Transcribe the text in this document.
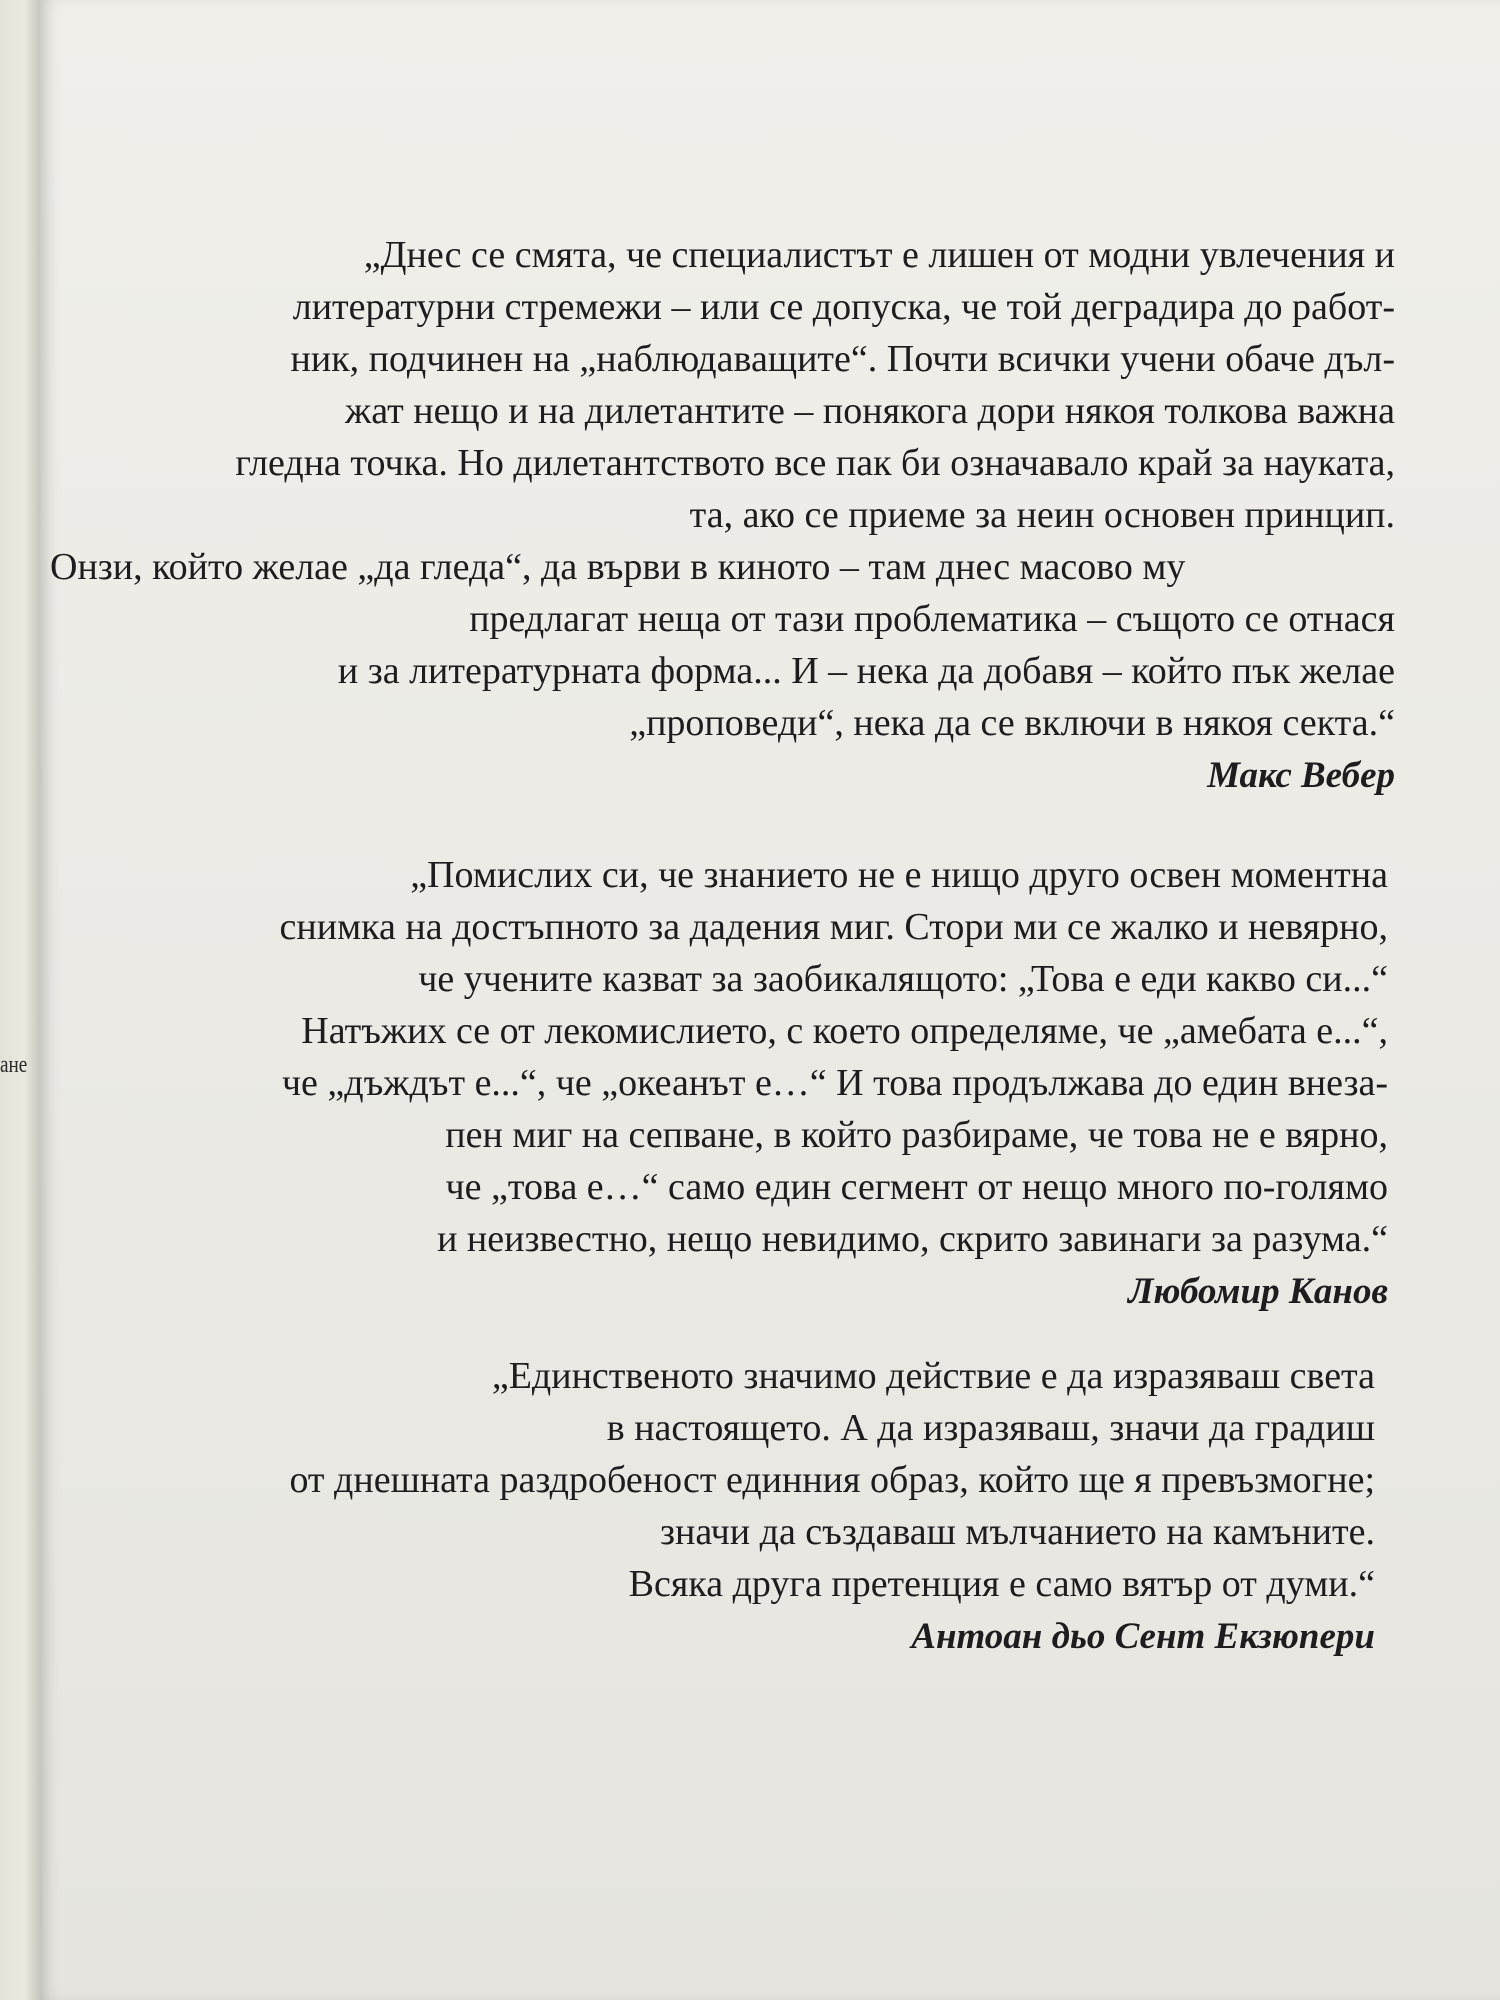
ане
„Днес се смята, че специалистът е лишен от модни увлечения и
литературни стремежи – или се допуска, че той деградира до работ-
ник, подчинен на „наблюдаващите“. Почти всички учени обаче дъл-
жат нещо и на дилетантите – понякога дори някоя толкова важна
гледна точка. Но дилетантството все пак би означавало край за науката,
та, ако се приеме за неин основен принцип.
Онзи, който желае „да гледа“, да върви в киното – там днес масово му
предлагат неща от тази проблематика – същото се отнася
и за литературната форма... И – нека да добавя – който пък желае
„проповеди“, нека да се включи в някоя секта.“
Макс Вебер
„Помислих си, че знанието не е нищо друго освен моментна
снимка на достъпното за дадения миг. Стори ми се жалко и невярно,
че учените казват за заобикалящото: „Това е еди какво си...“
Натъжих се от лекомислието, с което определяме, че „амебата е...“,
че „дъждът е...“, че „океанът е…“ И това продължава до един внеза-
пен миг на сепване, в който разбираме, че това не е вярно,
че „това е…“ само един сегмент от нещо много по-голямо
и неизвестно, нещо невидимо, скрито завинаги за разума.“
Любомир Канов
„Единственото значимо действие е да изразяваш света
в настоящето. А да изразяваш, значи да градиш
от днешната раздробеност единния образ, който ще я превъзмогне;
значи да създаваш мълчанието на камъните.
Всяка друга претенция е само вятър от думи.“
Антоан дьо Сент Екзюпери
